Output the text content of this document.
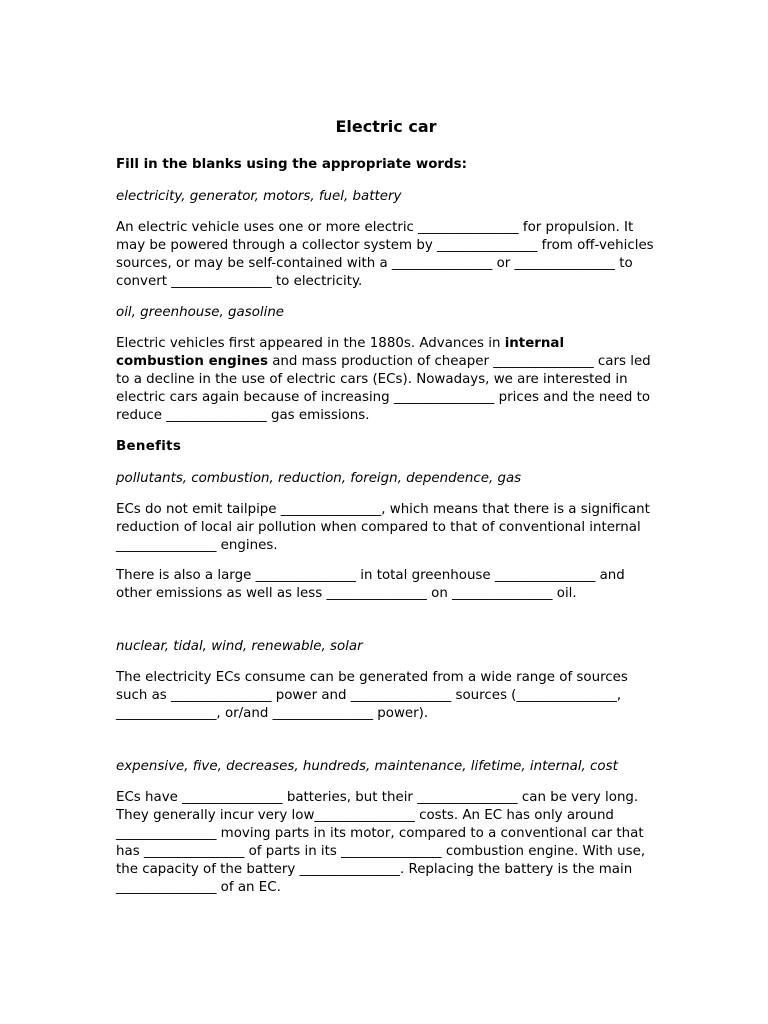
Electric car

Fill in the blanks using the appropriate words:

electricity, generator, motors, fuel, battery

An electric vehicle uses one or more electric _______________ for propulsion. It may be powered through a collector system by _______________ from off-vehicles sources, or may be self-contained with a _______________ or _______________ to convert _______________ to electricity.

oil, greenhouse, gasoline

Electric vehicles first appeared in the 1880s. Advances in internal combustion engines and mass production of cheaper _______________ cars led to a decline in the use of electric cars (ECs). Nowadays, we are interested in electric cars again because of increasing _______________ prices and the need to reduce _______________ gas emissions.

Benefits

pollutants, combustion, reduction, foreign, dependence, gas

ECs do not emit tailpipe _______________, which means that there is a significant reduction of local air pollution when compared to that of conventional internal _______________ engines.

There is also a large _______________ in total greenhouse _______________ and other emissions as well as less _______________ on _______________ oil.

nuclear, tidal, wind, renewable, solar

The electricity ECs consume can be generated from a wide range of sources such as _______________ power and _______________ sources (_______________, _______________, or/and _______________ power).

expensive, five, decreases, hundreds, maintenance, lifetime, internal, cost

ECs have _______________ batteries, but their _______________ can be very long. They generally incur very low_______________ costs. An EC has only around _______________ moving parts in its motor, compared to a conventional car that has _______________ of parts in its _______________ combustion engine. With use, the capacity of the battery _______________. Replacing the battery is the main _______________ of an EC.
